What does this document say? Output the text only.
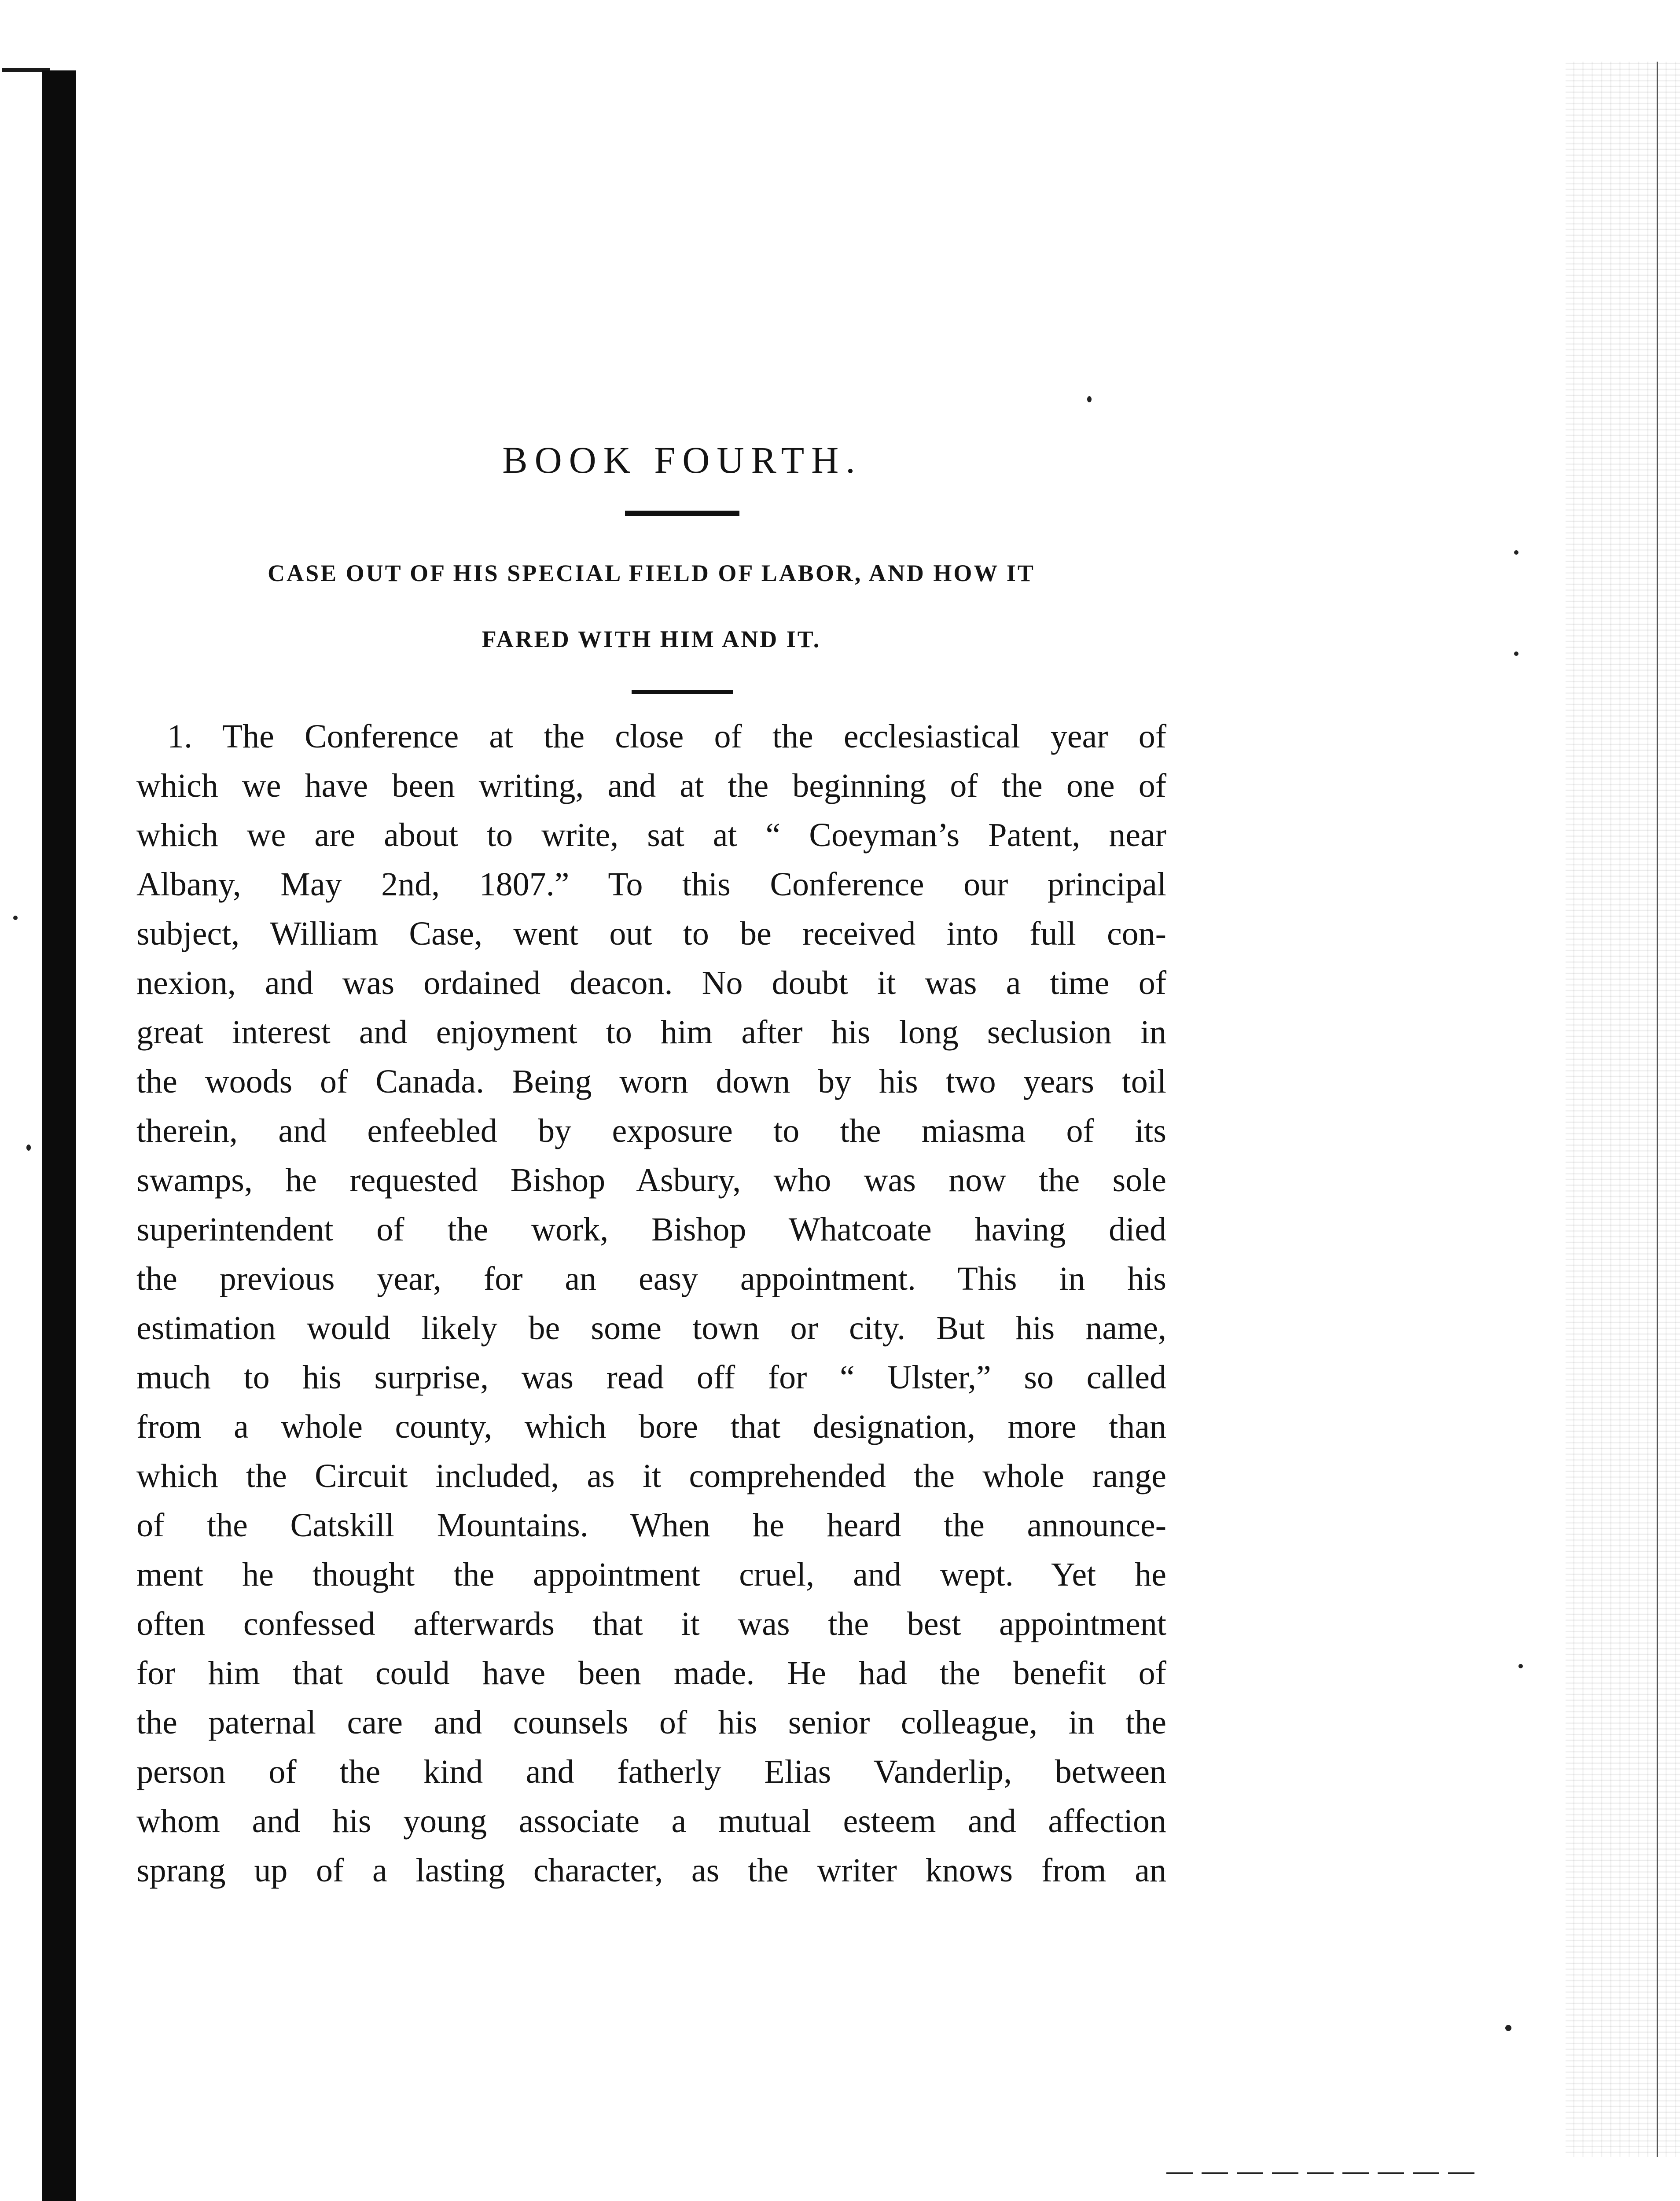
BOOK FOURTH.
CASE OUT OF HIS SPECIAL FIELD OF LABOR, AND HOW IT
FARED WITH HIM AND IT.
1. The Conference at the close of the ecclesiastical year of
which we have been writing, and at the beginning of the one of
which we are about to write, sat at “ Coeyman’s Patent, near
Albany, May 2nd, 1807.” To this Conference our principal
subject, William Case, went out to be received into full con-
nexion, and was ordained deacon. No doubt it was a time of
great interest and enjoyment to him after his long seclusion in
the woods of Canada. Being worn down by his two years toil
therein, and enfeebled by exposure to the miasma of its
swamps, he requested Bishop Asbury, who was now the sole
superintendent of the work, Bishop Whatcoate having died
the previous year, for an easy appointment. This in his
estimation would likely be some town or city. But his name,
much to his surprise, was read off for “ Ulster,” so called
from a whole county, which bore that designation, more than
which the Circuit included, as it comprehended the whole range
of the Catskill Mountains. When he heard the announce-
ment he thought the appointment cruel, and wept. Yet he
often confessed afterwards that it was the best appointment
for him that could have been made. He had the benefit of
the paternal care and counsels of his senior colleague, in the
person of the kind and fatherly Elias Vanderlip, between
whom and his young associate a mutual esteem and affection
sprang up of a lasting character, as the writer knows from an
